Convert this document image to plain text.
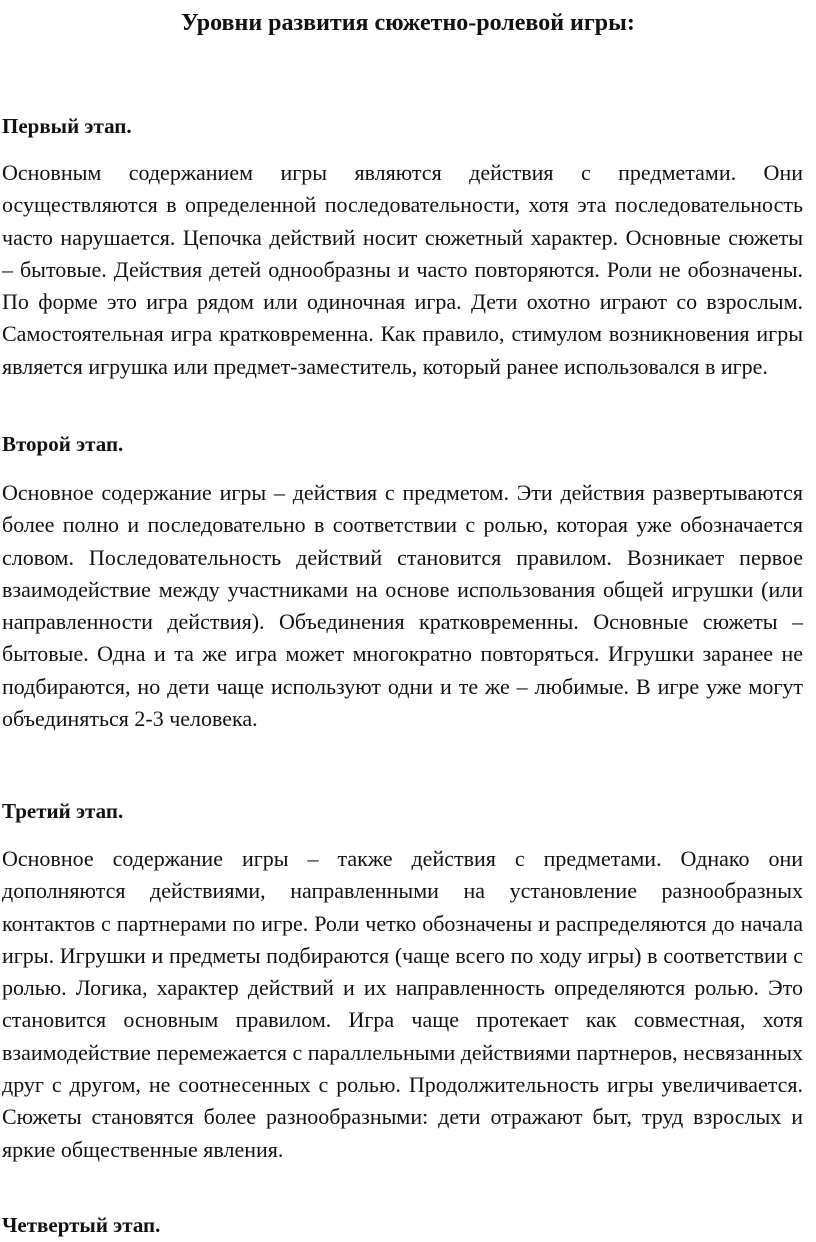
Уровни развития сюжетно-ролевой игры:
Первый этап.

Основным содержанием игры являются действия с предметами. Они осуществляются в определенной последовательности, хотя эта последовательность часто нарушается. Цепочка действий носит сюжетный характер. Основные сюжеты – бытовые. Действия детей однообразны и часто повторяются. Роли не обозначены. По форме это игра рядом или одиночная игра. Дети охотно играют со взрослым. Самостоятельная игра кратковременна. Как правило, стимулом возникновения игры является игрушка или предмет-заместитель, который ранее использовался в игре.

Второй этап.

Основное содержание игры – действия с предметом. Эти действия развертываются более полно и последовательно в соответствии с ролью, которая уже обозначается словом. Последовательность действий становится правилом. Возникает первое взаимодействие между участниками на основе использования общей игрушки (или направленности действия). Объединения кратковременны. Основные сюжеты – бытовые. Одна и та же игра может многократно повторяться. Игрушки заранее не подбираются, но дети чаще используют одни и те же – любимые. В игре уже могут объединяться 2-3 человека.

Третий этап.

Основное содержание игры – также действия с предметами. Однако они дополняются действиями, направленными на установление разнообразных контактов с партнерами по игре. Роли четко обозначены и распределяются до начала игры. Игрушки и предметы подбираются (чаще всего по ходу игры) в соответствии с ролью. Логика, характер действий и их направленность определяются ролью. Это становится основным правилом. Игра чаще протекает как совместная, хотя взаимодействие перемежается с параллельными действиями партнеров, несвязанных друг с другом, не соотнесенных с ролью. Продолжительность игры увеличивается. Сюжеты становятся более разнообразными: дети отражают быт, труд взрослых и яркие общественные явления.

Четвертый этап.
